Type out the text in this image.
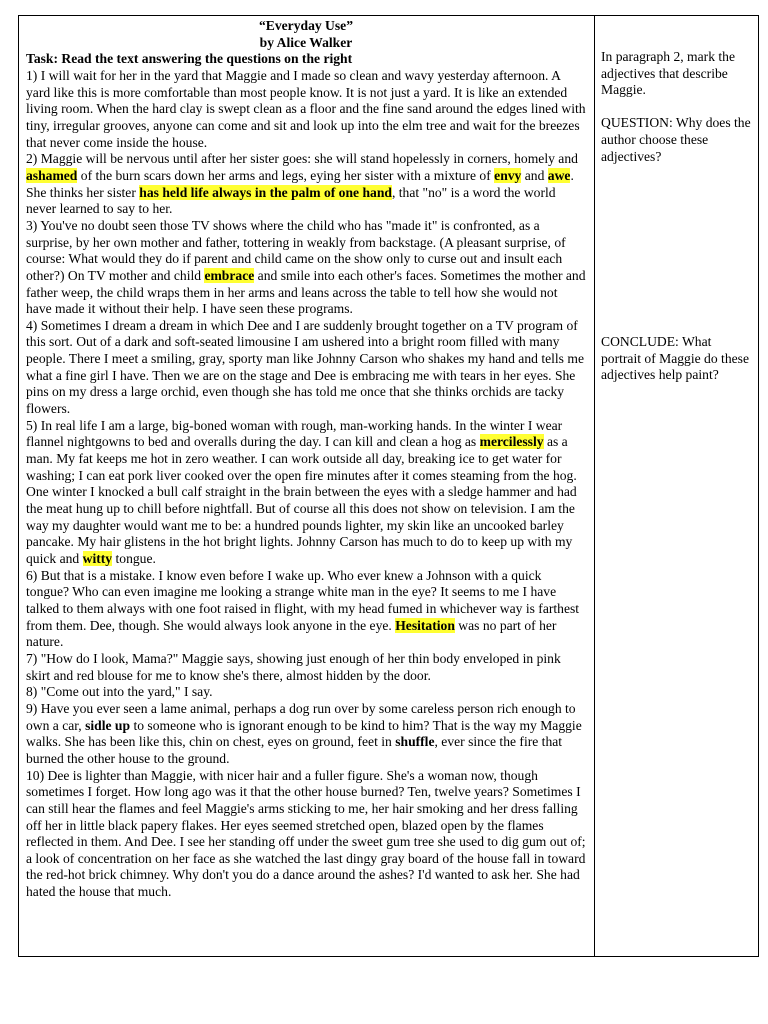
“Everyday Use”

by Alice Walker

Task: Read the text answering the questions on the right

1) I will wait for her in the yard that Maggie and I made so clean and wavy yesterday afternoon. A yard like this is more comfortable than most people know. It is not just a yard. It is like an extended living room. When the hard clay is swept clean as a floor and the fine sand around the edges lined with tiny, irregular grooves, anyone can come and sit and look up into the elm tree and wait for the breezes that never come inside the house.

2) Maggie will be nervous until after her sister goes: she will stand hopelessly in corners, homely and ashamed of the burn scars down her arms and legs, eying her sister with a mixture of envy and awe. She thinks her sister has held life always in the palm of one hand, that "no" is a word the world never learned to say to her.

3) You've no doubt seen those TV shows where the child who has "made it" is confronted, as a surprise, by her own mother and father, tottering in weakly from backstage. (A pleasant surprise, of course: What would they do if parent and child came on the show only to curse out and insult each other?) On TV mother and child embrace and smile into each other's faces. Sometimes the mother and father weep, the child wraps them in her arms and leans across the table to tell how she would not have made it without their help. I have seen these programs.

4) Sometimes I dream a dream in which Dee and I are suddenly brought together on a TV program of this sort. Out of a dark and soft-seated limousine I am ushered into a bright room filled with many people. There I meet a smiling, gray, sporty man like Johnny Carson who shakes my hand and tells me what a fine girl I have. Then we are on the stage and Dee is embracing me with tears in her eyes. She pins on my dress a large orchid, even though she has told me once that she thinks orchids are tacky flowers.

5) In real life I am a large, big-boned woman with rough, man-working hands. In the winter I wear flannel nightgowns to bed and overalls during the day. I can kill and clean a hog as mercilessly as a man. My fat keeps me hot in zero weather. I can work outside all day, breaking ice to get water for washing; I can eat pork liver cooked over the open fire minutes after it comes steaming from the hog. One winter I knocked a bull calf straight in the brain between the eyes with a sledge hammer and had the meat hung up to chill before nightfall. But of course all this does not show on television. I am the way my daughter would want me to be: a hundred pounds lighter, my skin like an uncooked barley pancake. My hair glistens in the hot bright lights. Johnny Carson has much to do to keep up with my quick and witty tongue.

6) But that is a mistake. I know even before I wake up. Who ever knew a Johnson with a quick tongue? Who can even imagine me looking a strange white man in the eye? It seems to me I have talked to them always with one foot raised in flight, with my head fumed in whichever way is farthest from them. Dee, though. She would always look anyone in the eye. Hesitation was no part of her nature.

7) "How do I look, Mama?" Maggie says, showing just enough of her thin body enveloped in pink skirt and red blouse for me to know she's there, almost hidden by the door.

8) "Come out into the yard," I say.

9) Have you ever seen a lame animal, perhaps a dog run over by some careless person rich enough to own a car, sidle up to someone who is ignorant enough to be kind to him? That is the way my Maggie walks. She has been like this, chin on chest, eyes on ground, feet in shuffle, ever since the fire that burned the other house to the ground.

10) Dee is lighter than Maggie, with nicer hair and a fuller figure. She's a woman now, though sometimes I forget. How long ago was it that the other house burned? Ten, twelve years? Sometimes I can still hear the flames and feel Maggie's arms sticking to me, her hair smoking and her dress falling off her in little black papery flakes. Her eyes seemed stretched open, blazed open by the flames reflected in them. And Dee. I see her standing off under the sweet gum tree she used to dig gum out of; a look of concentration on her face as she watched the last dingy gray board of the house fall in toward the red-hot brick chimney. Why don't you do a dance around the ashes? I'd wanted to ask her. She had hated the house that much.

In paragraph 2, mark the adjectives that describe Maggie.

QUESTION: Why does the author choose these adjectives?

CONCLUDE: What portrait of Maggie do these adjectives help paint?
